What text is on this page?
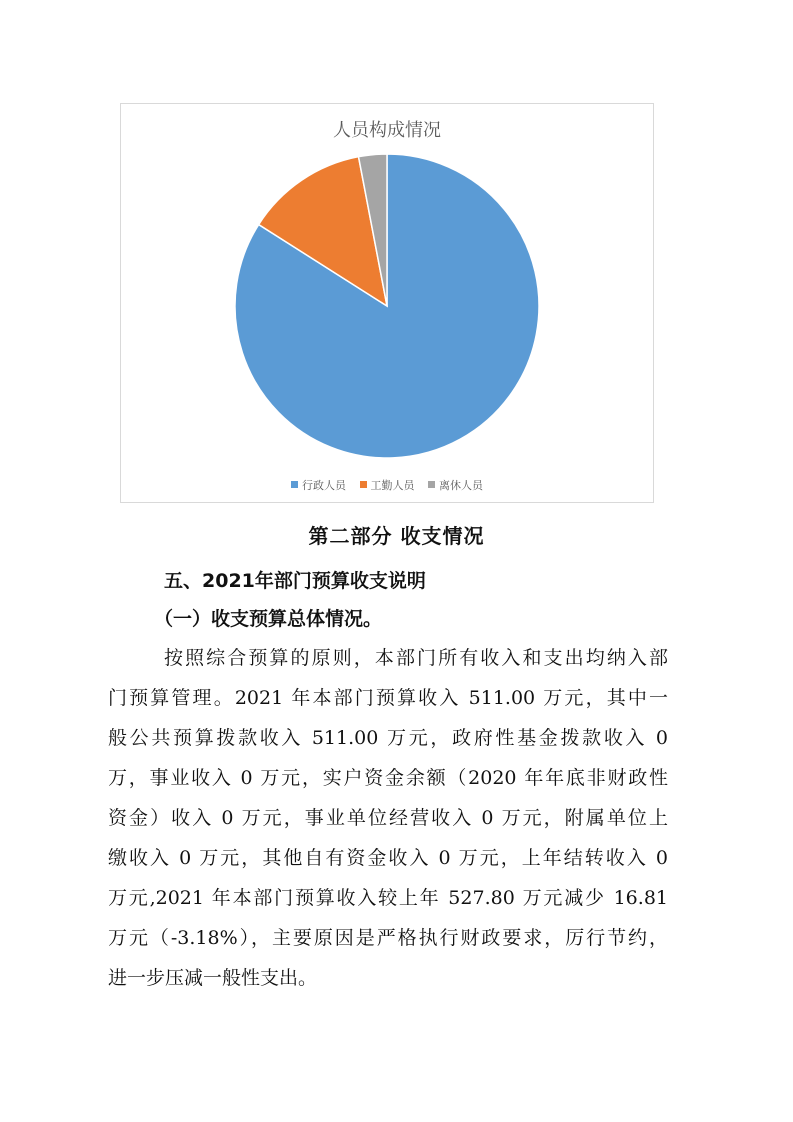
人员构成情况
行政人员 工勤人员 离休人员
第二部分 收支情况
五、2021年部门预算收支说明
（一）收支预算总体情况。
按照综合预算的原则，本部门所有收入和支出均纳入部
门预算管理。2021 年本部门预算收入 511.00 万元，其中一
般公共预算拨款收入 511.00 万元，政府性基金拨款收入 0
万，事业收入 0 万元，实户资金余额（2020 年年底非财政性
资金）收入 0 万元，事业单位经营收入 0 万元，附属单位上
缴收入 0 万元，其他自有资金收入 0 万元，上年结转收入 0
万元,2021 年本部门预算收入较上年 527.80 万元减少 16.81
万元（-3.18%），主要原因是严格执行财政要求，厉行节约，
进一步压减一般性支出。
